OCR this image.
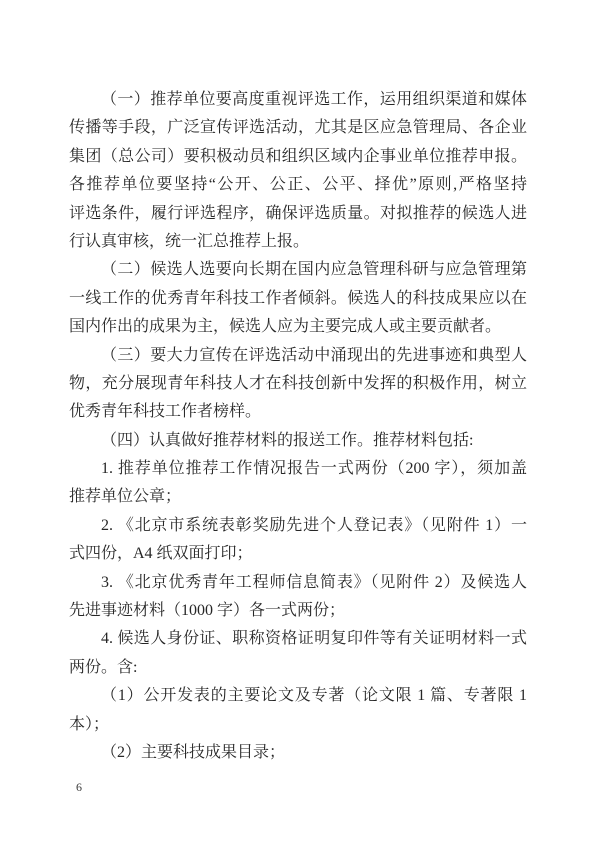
（一）推荐单位要高度重视评选工作，运用组织渠道和媒体
传播等手段，广泛宣传评选活动，尤其是区应急管理局、各企业
集团（总公司）要积极动员和组织区域内企事业单位推荐申报。
各推荐单位要坚持“公开、公正、公平、择优”原则,严格坚持
评选条件，履行评选程序，确保评选质量。对拟推荐的候选人进
行认真审核，统一汇总推荐上报。
（二）候选人选要向长期在国内应急管理科研与应急管理第
一线工作的优秀青年科技工作者倾斜。候选人的科技成果应以在
国内作出的成果为主，候选人应为主要完成人或主要贡献者。
（三）要大力宣传在评选活动中涌现出的先进事迹和典型人
物，充分展现青年科技人才在科技创新中发挥的积极作用，树立
优秀青年科技工作者榜样。
（四）认真做好推荐材料的报送工作。推荐材料包括:
1. 推荐单位推荐工作情况报告一式两份（200 字），须加盖
推荐单位公章；
2. 《北京市系统表彰奖励先进个人登记表》（见附件 1）一
式四份，A4 纸双面打印；
3. 《北京优秀青年工程师信息简表》（见附件 2）及候选人
先进事迹材料（1000 字）各一式两份；
4. 候选人身份证、职称资格证明复印件等有关证明材料一式
两份。含:
（1）公开发表的主要论文及专著（论文限 1 篇、专著限 1
本）；
（2）主要科技成果目录；
6
